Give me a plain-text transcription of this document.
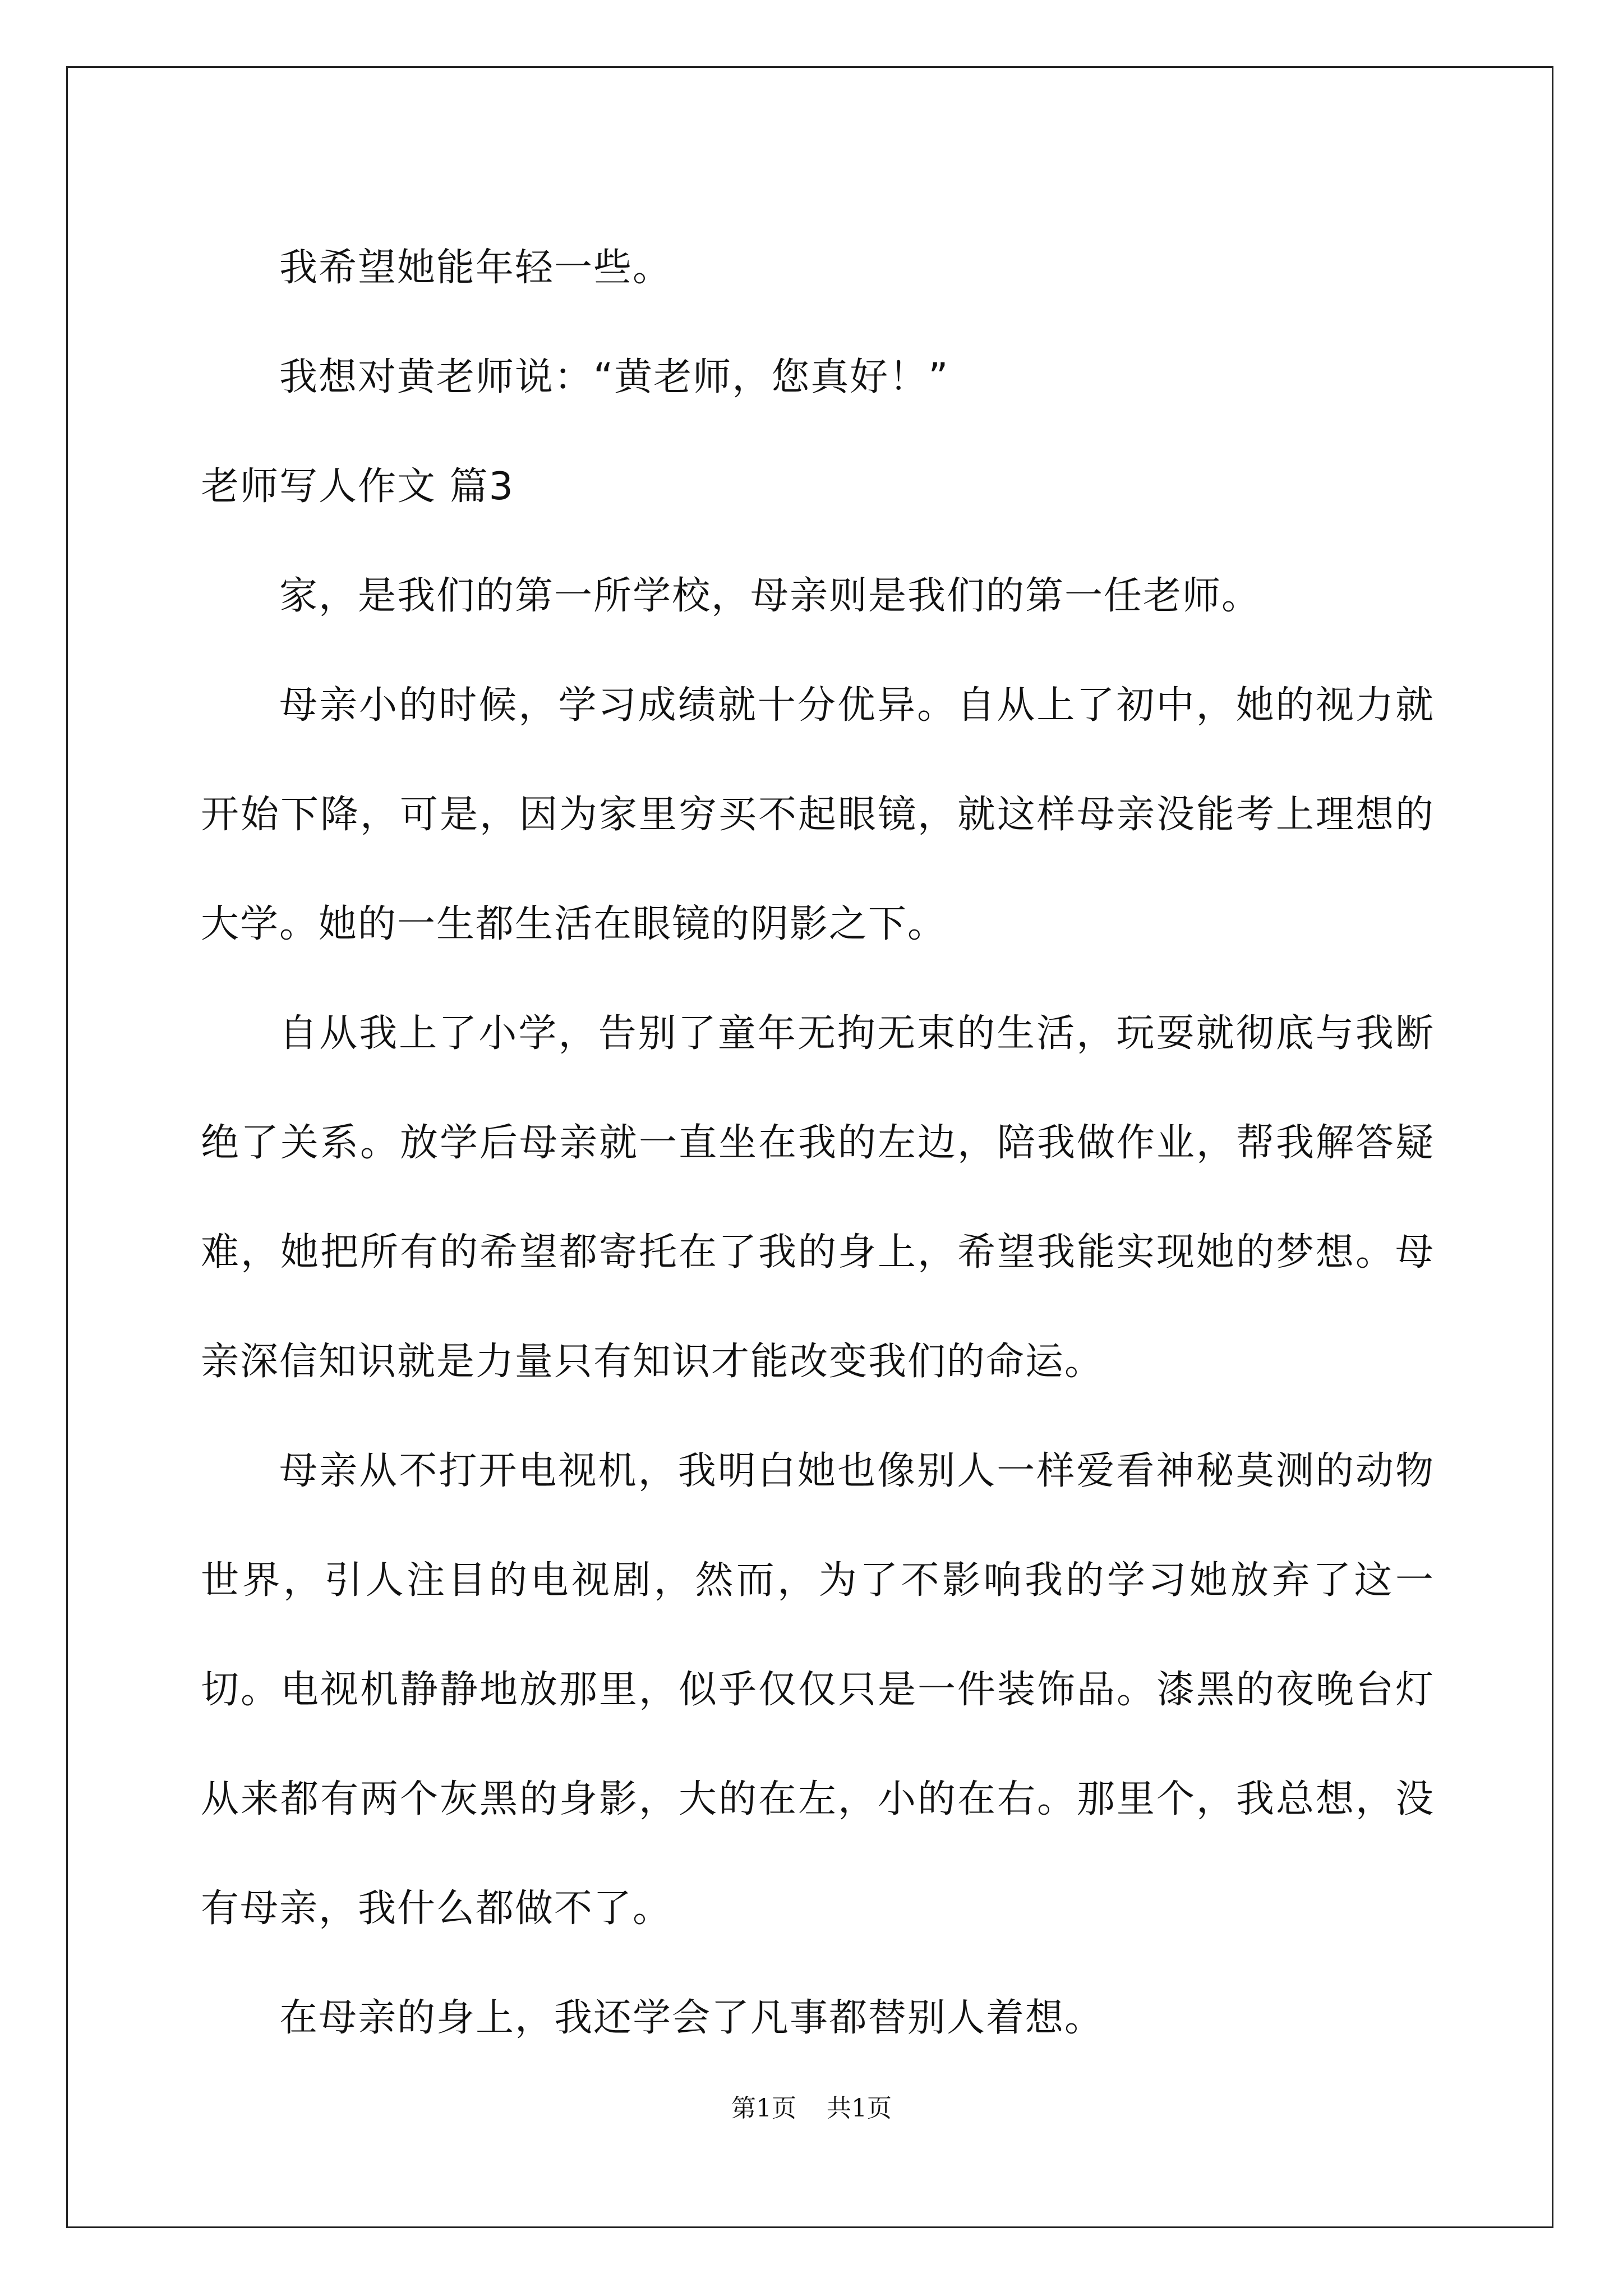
我希望她能年轻一些。

我想对黄老师说：“黄老师，您真好！”

老师写人作文 篇3

家，是我们的第一所学校，母亲则是我们的第一任老师。

母亲小的时候，学习成绩就十分优异。自从上了初中，她的视力就开始下降，可是，因为家里穷买不起眼镜，就这样母亲没能考上理想的大学。她的一生都生活在眼镜的阴影之下。

自从我上了小学，告别了童年无拘无束的生活，玩耍就彻底与我断绝了关系。放学后母亲就一直坐在我的左边，陪我做作业，帮我解答疑难，她把所有的希望都寄托在了我的身上，希望我能实现她的梦想。母亲深信知识就是力量只有知识才能改变我们的命运。

母亲从不打开电视机，我明白她也像别人一样爱看神秘莫测的动物世界，引人注目的电视剧，然而，为了不影响我的学习她放弃了这一切。电视机静静地放那里，似乎仅仅只是一件装饰品。漆黑的夜晚台灯从来都有两个灰黑的身影，大的在左，小的在右。那里个，我总想，没有母亲，我什么都做不了。

在母亲的身上，我还学会了凡事都替别人着想。

第1页 共1页
